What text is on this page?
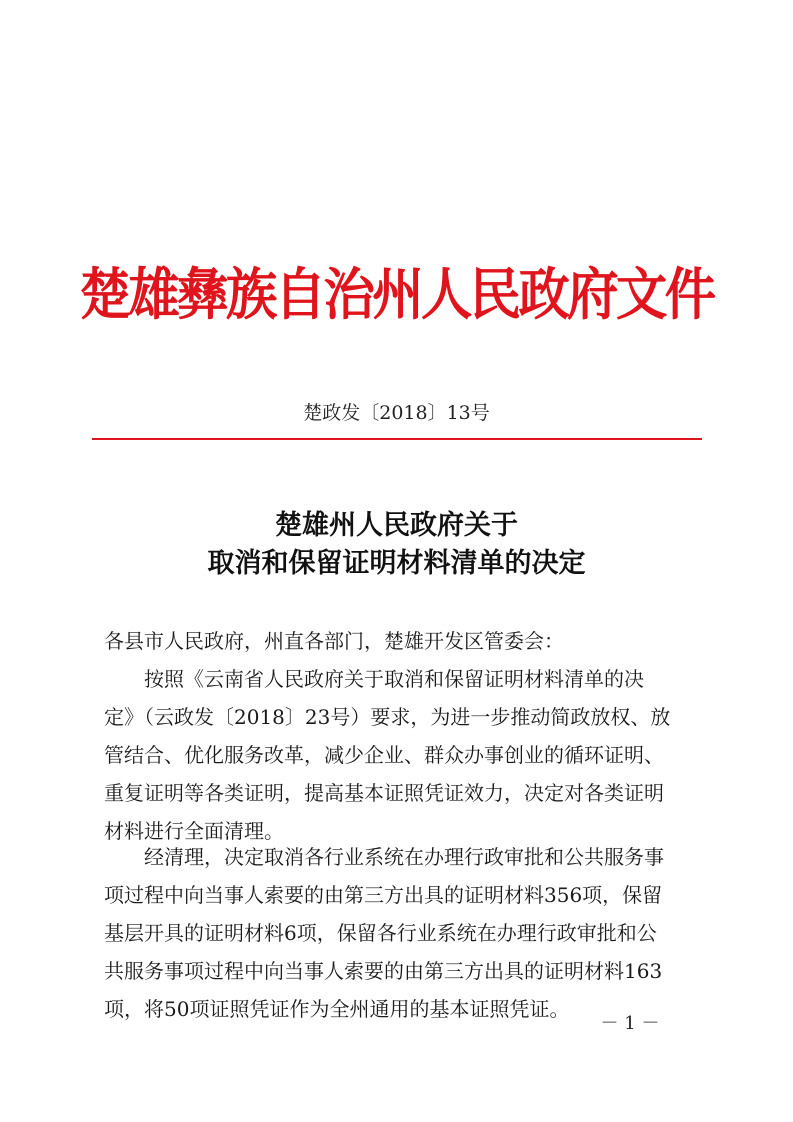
楚雄彝族自治州人民政府文件
楚政发〔2018〕13号
楚雄州人民政府关于
取消和保留证明材料清单的决定
各县市人民政府，州直各部门，楚雄开发区管委会：
按照《云南省人民政府关于取消和保留证明材料清单的决
定》（云政发〔2018〕23号）要求，为进一步推动简政放权、放
管结合、优化服务改革，减少企业、群众办事创业的循环证明、
重复证明等各类证明，提高基本证照凭证效力，决定对各类证明
材料进行全面清理。
经清理，决定取消各行业系统在办理行政审批和公共服务事
项过程中向当事人索要的由第三方出具的证明材料356项，保留
基层开具的证明材料6项，保留各行业系统在办理行政审批和公
共服务事项过程中向当事人索要的由第三方出具的证明材料163
项，将50项证照凭证作为全州通用的基本证照凭证。
－ 1 －
